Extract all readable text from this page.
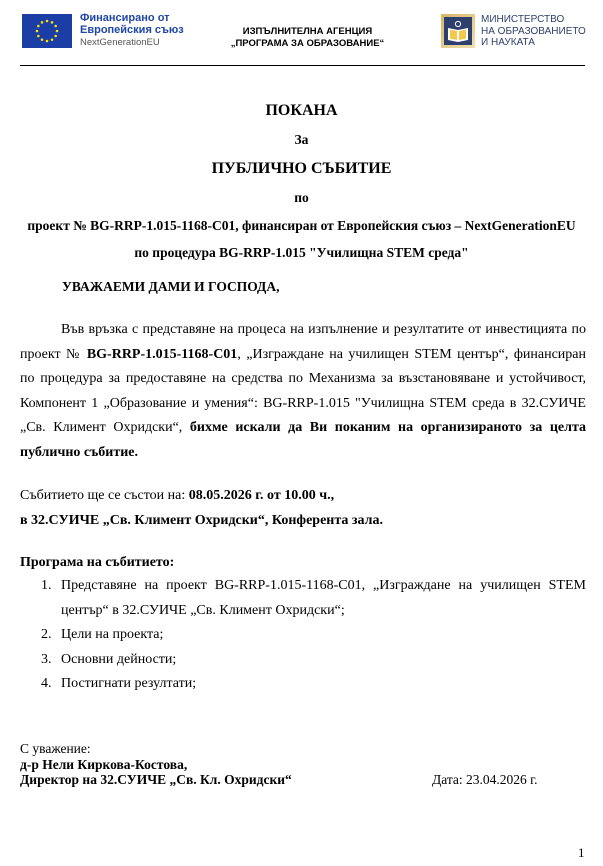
Финансирано от
Европейския съюз
NextGenerationEU
ИЗПЪЛНИТЕЛНА АГЕНЦИЯ
„ПРОГРАМА ЗА ОБРАЗОВАНИЕ“
МИНИСТЕРСТВО
НА ОБРАЗОВАНИЕТО
И НАУКАТА
ПОКАНА
За
ПУБЛИЧНО СЪБИТИЕ
по
проект № BG-RRP-1.015-1168-C01, финансиран от Европейския съюз – NextGenerationEU
по процедура BG-RRP-1.015 "Училищна STEM среда"
УВАЖАЕМИ ДАМИ И ГОСПОДА,
Във връзка с представяне на процеса на изпълнение и резултатите от инвестицията по проект № BG-RRP-1.015-1168-C01, „Изграждане на училищен STEM център“, финансиран по процедура за предоставяне на средства по Механизма за възстановяване и устойчивост, Компонент 1 „Образование и умения“: BG-RRP-1.015 "Училищна STEM среда в 32.СУИЧЕ „Св. Климент Охридски“, бихме искали да Ви поканим на организираното за целта публично събитие.
Събитието ще се състои на: 08.05.2026 г. от 10.00 ч.,
в 32.СУИЧЕ „Св. Климент Охридски“, Конферента зала.
Програма на събитието:
1. Представяне на проект BG-RRP-1.015-1168-C01, „Изграждане на училищен STEM център“ в 32.СУИЧЕ „Св. Климент Охридски“;
2. Цели на проекта;
3. Основни дейности;
4. Постигнати резултати;
С уважение:
д-р Нели Киркова-Костова,
Директор на 32.СУИЧЕ „Св. Кл. Охридски“	Дата: 23.04.2026 г.
1
